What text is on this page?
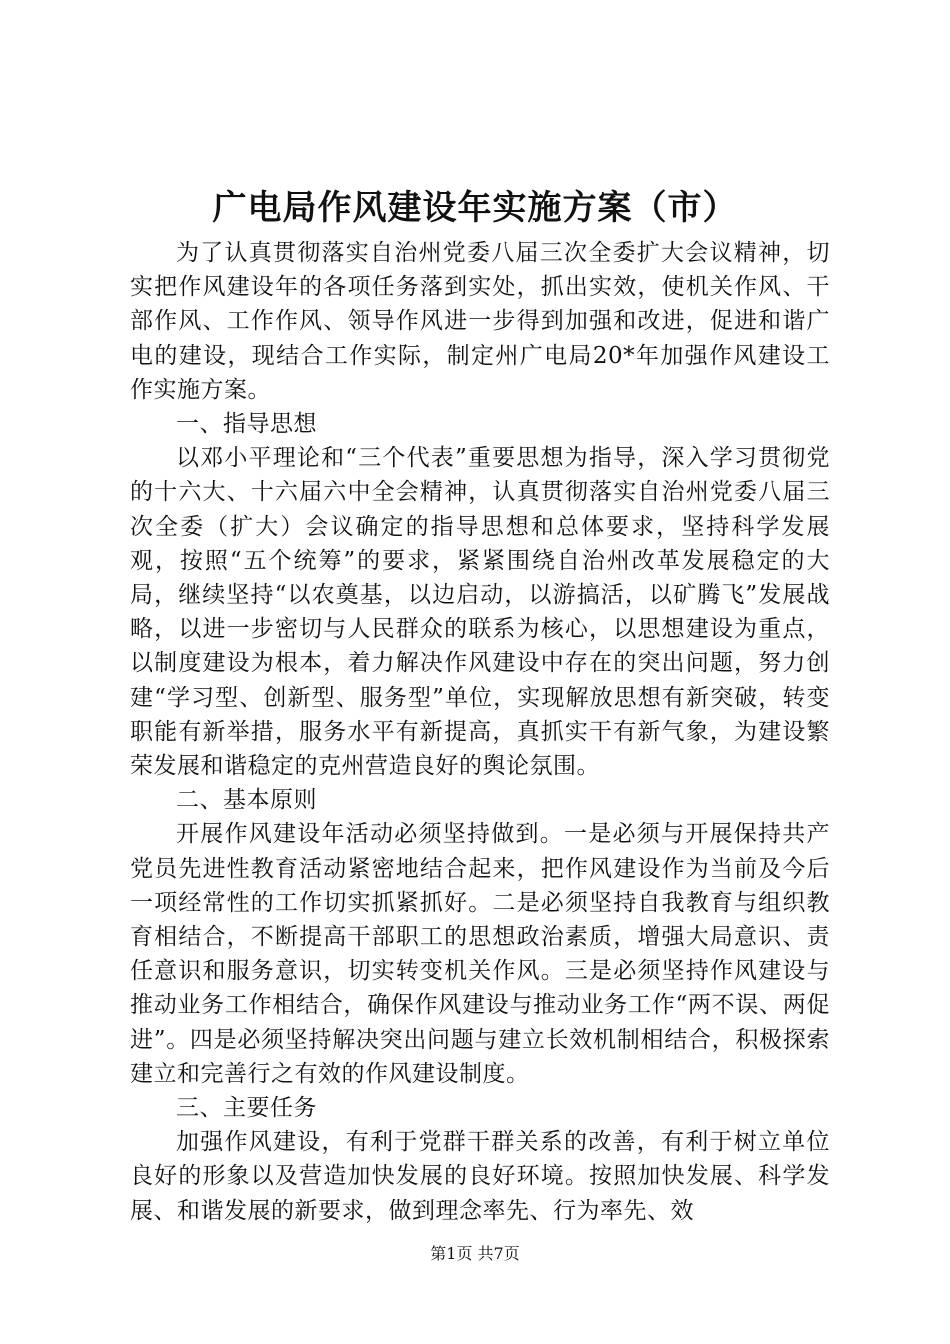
广电局作风建设年实施方案（市）

为了认真贯彻落实自治州党委八届三次全委扩大会议精神，切实把作风建设年的各项任务落到实处，抓出实效，使机关作风、干部作风、工作作风、领导作风进一步得到加强和改进，促进和谐广电的建设，现结合工作实际，制定州广电局20*年加强作风建设工作实施方案。

一、指导思想

以邓小平理论和“三个代表”重要思想为指导，深入学习贯彻党的十六大、十六届六中全会精神，认真贯彻落实自治州党委八届三次全委（扩大）会议确定的指导思想和总体要求，坚持科学发展观，按照“五个统筹”的要求，紧紧围绕自治州改革发展稳定的大局，继续坚持“以农奠基，以边启动，以游搞活，以矿腾飞”发展战略，以进一步密切与人民群众的联系为核心，以思想建设为重点，以制度建设为根本，着力解决作风建设中存在的突出问题，努力创建“学习型、创新型、服务型”单位，实现解放思想有新突破，转变职能有新举措，服务水平有新提高，真抓实干有新气象，为建设繁荣发展和谐稳定的克州营造良好的舆论氛围。

二、基本原则

开展作风建设年活动必须坚持做到。一是必须与开展保持共产党员先进性教育活动紧密地结合起来，把作风建设作为当前及今后一项经常性的工作切实抓紧抓好。二是必须坚持自我教育与组织教育相结合，不断提高干部职工的思想政治素质，增强大局意识、责任意识和服务意识，切实转变机关作风。三是必须坚持作风建设与推动业务工作相结合，确保作风建设与推动业务工作“两不误、两促进”。四是必须坚持解决突出问题与建立长效机制相结合，积极探索建立和完善行之有效的作风建设制度。

三、主要任务

加强作风建设，有利于党群干群关系的改善，有利于树立单位良好的形象以及营造加快发展的良好环境。按照加快发展、科学发展、和谐发展的新要求，做到理念率先、行为率先、效

第1页 共7页
